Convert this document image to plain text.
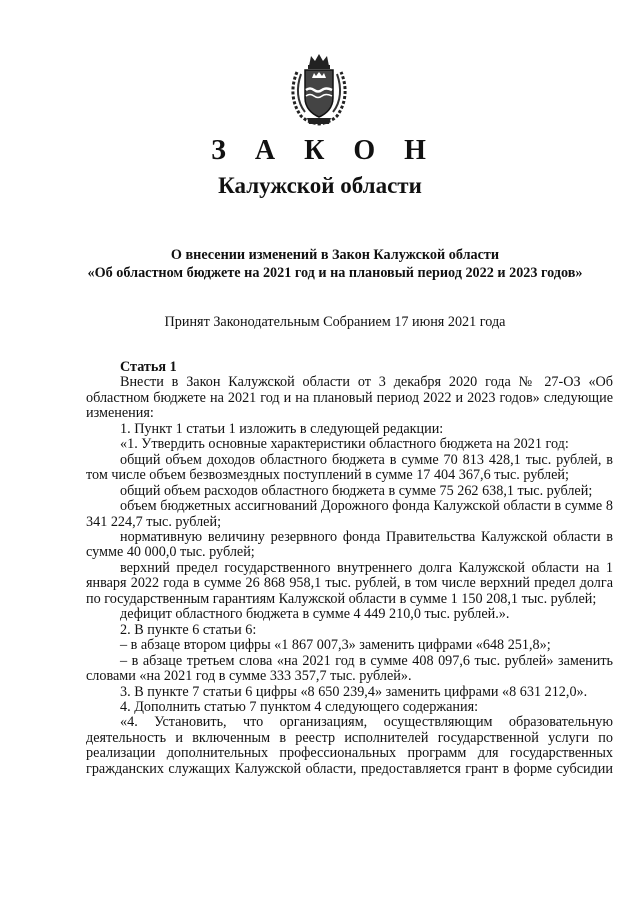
З А К О Н
Калужской области
О внесении изменений в Закон Калужской области
«Об областном бюджете на 2021 год и на плановый период 2022 и 2023 годов»
Принят Законодательным Собранием 17 июня 2021 года

Статья 1

Внести в Закон Калужской области от 3 декабря 2020 года № 27-ОЗ «Об областном бюджете на 2021 год и на плановый период 2022 и 2023 годов» следующие изменения:

1. Пункт 1 статьи 1 изложить в следующей редакции:

«1. Утвердить основные характеристики областного бюджета на 2021 год:

общий объем доходов областного бюджета в сумме 70 813 428,1 тыс. рублей, в том числе объем безвозмездных поступлений в сумме 17 404 367,6 тыс. рублей;

общий объем расходов областного бюджета в сумме 75 262 638,1 тыс. рублей;

объем бюджетных ассигнований Дорожного фонда Калужской области в сумме 8 341 224,7 тыс. рублей;

нормативную величину резервного фонда Правительства Калужской области в сумме 40 000,0 тыс. рублей;

верхний предел государственного внутреннего долга Калужской области на 1 января 2022 года в сумме 26 868 958,1 тыс. рублей, в том числе верхний предел долга по государственным гарантиям Калужской области в сумме 1 150 208,1 тыс. рублей;

дефицит областного бюджета в сумме 4 449 210,0 тыс. рублей.».

2. В пункте 6 статьи 6:

– в абзаце втором цифры «1 867 007,3» заменить цифрами «648 251,8»;

– в абзаце третьем слова «на 2021 год в сумме 408 097,6 тыс. рублей» заменить словами «на 2021 год в сумме 333 357,7 тыс. рублей».

3. В пункте 7 статьи 6 цифры «8 650 239,4» заменить цифрами «8 631 212,0».

4. Дополнить статью 7 пунктом 4 следующего содержания:

«4. Установить, что организациям, осуществляющим образовательную деятельность и включенным в реестр исполнителей государственной услуги по реализации дополнительных профессиональных программ для государственных гражданских служащих Калужской области, предоставляется грант в форме субсидии
